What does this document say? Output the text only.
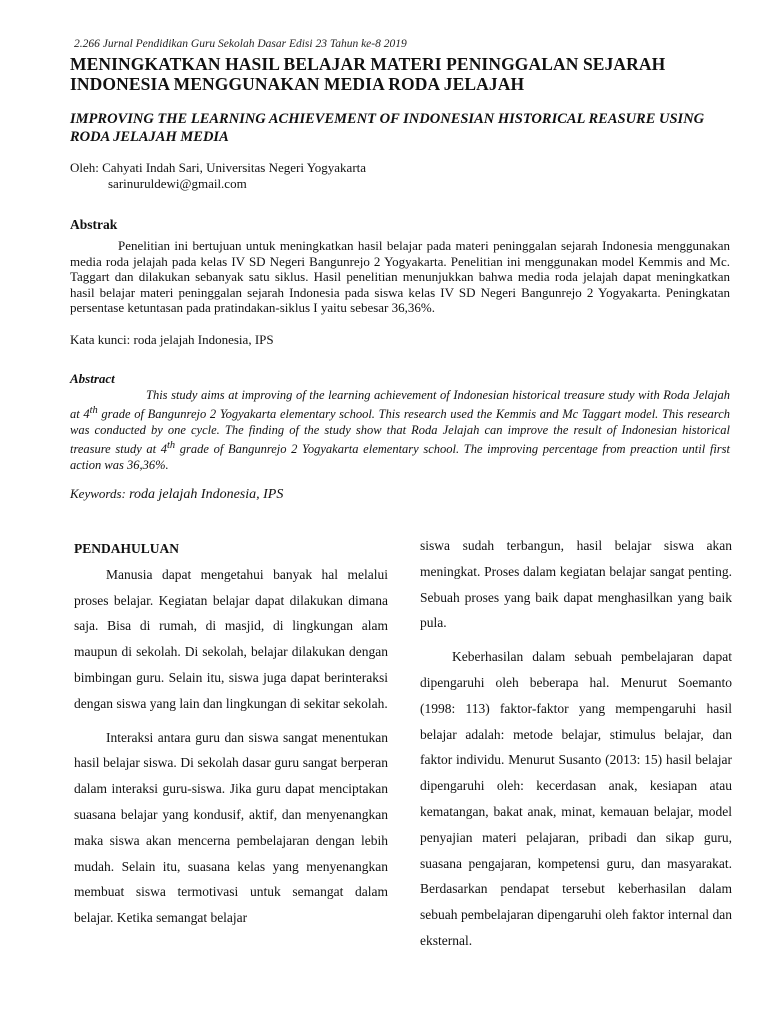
2.266 Jurnal Pendidikan Guru Sekolah Dasar Edisi 23 Tahun ke-8 2019
MENINGKATKAN HASIL BELAJAR MATERI PENINGGALAN SEJARAH INDONESIA MENGGUNAKAN MEDIA RODA JELAJAH
IMPROVING THE LEARNING ACHIEVEMENT OF INDONESIAN HISTORICAL REASURE USING RODA JELAJAH MEDIA
Oleh: Cahyati Indah Sari, Universitas Negeri Yogyakarta
sarinuruldewi@gmail.com
Abstrak

Penelitian ini bertujuan untuk meningkatkan hasil belajar pada materi peninggalan sejarah Indonesia menggunakan media roda jelajah pada kelas IV SD Negeri Bangunrejo 2 Yogyakarta. Penelitian ini menggunakan model Kemmis and Mc. Taggart dan dilakukan sebanyak satu siklus. Hasil penelitian menunjukkan bahwa media roda jelajah dapat meningkatkan hasil belajar materi peninggalan sejarah Indonesia pada siswa kelas IV SD Negeri Bangunrejo 2 Yogyakarta. Peningkatan persentase ketuntasan pada pratindakan-siklus I yaitu sebesar 36,36%.

Kata kunci: roda jelajah Indonesia, IPS
Abstract

This study aims at improving of the learning achievement of Indonesian historical treasure study with Roda Jelajah at 4th grade of Bangunrejo 2 Yogyakarta elementary school. This research used the Kemmis and Mc Taggart model. This research was conducted by one cycle. The finding of the study show that Roda Jelajah can improve the result of Indonesian historical treasure study at 4th grade of Bangunrejo 2 Yogyakarta elementary school. The improving percentage from preaction until first action was 36,36%.

Keywords: roda jelajah Indonesia, IPS
PENDAHULUAN

Manusia dapat mengetahui banyak hal melalui proses belajar. Kegiatan belajar dapat dilakukan dimana saja. Bisa di rumah, di masjid, di lingkungan alam maupun di sekolah. Di sekolah, belajar dilakukan dengan bimbingan guru. Selain itu, siswa juga dapat berinteraksi dengan siswa yang lain dan lingkungan di sekitar sekolah.

Interaksi antara guru dan siswa sangat menentukan hasil belajar siswa. Di sekolah dasar guru sangat berperan dalam interaksi guru-siswa. Jika guru dapat menciptakan suasana belajar yang kondusif, aktif, dan menyenangkan maka siswa akan mencerna pembelajaran dengan lebih mudah. Selain itu, suasana kelas yang menyenangkan membuat siswa termotivasi untuk semangat dalam belajar. Ketika semangat belajar

siswa sudah terbangun, hasil belajar siswa akan meningkat. Proses dalam kegiatan belajar sangat penting. Sebuah proses yang baik dapat menghasilkan yang baik pula.

Keberhasilan dalam sebuah pembelajaran dapat dipengaruhi oleh beberapa hal. Menurut Soemanto (1998: 113) faktor-faktor yang mempengaruhi hasil belajar adalah: metode belajar, stimulus belajar, dan faktor individu. Menurut Susanto (2013: 15) hasil belajar dipengaruhi oleh: kecerdasan anak, kesiapan atau kematangan, bakat anak, minat, kemauan belajar, model penyajian materi pelajaran, pribadi dan sikap guru, suasana pengajaran, kompetensi guru, dan masyarakat. Berdasarkan pendapat tersebut keberhasilan dalam sebuah pembelajaran dipengaruhi oleh faktor internal dan eksternal.
